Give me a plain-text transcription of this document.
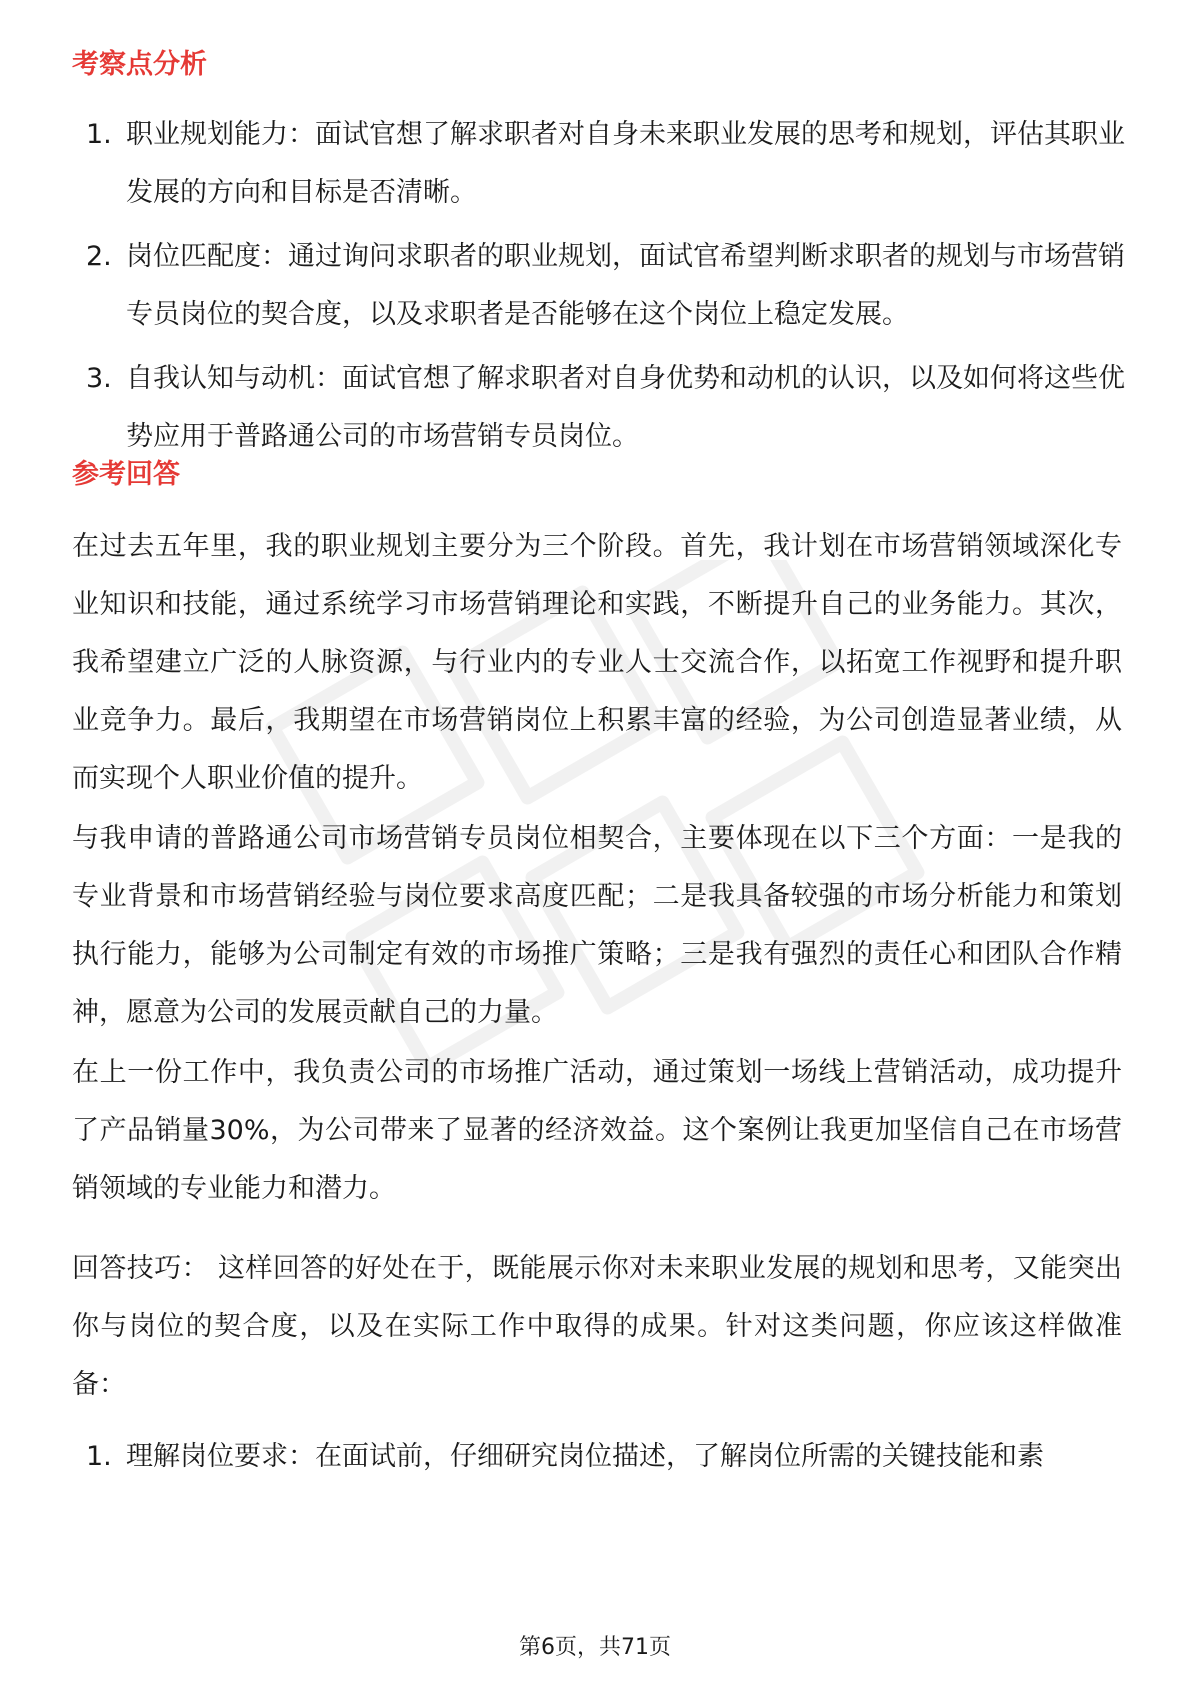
考察点分析
1. 职业规划能力：面试官想了解求职者对自身未来职业发展的思考和规划，评估其职业发展的方向和目标是否清晰。
2. 岗位匹配度：通过询问求职者的职业规划，面试官希望判断求职者的规划与市场营销专员岗位的契合度，以及求职者是否能够在这个岗位上稳定发展。
3. 自我认知与动机：面试官想了解求职者对自身优势和动机的认识，以及如何将这些优势应用于普路通公司的市场营销专员岗位。
参考回答

在过去五年里，我的职业规划主要分为三个阶段。首先，我计划在市场营销领域深化专业知识和技能，通过系统学习市场营销理论和实践，不断提升自己的业务能力。其次，我希望建立广泛的人脉资源，与行业内的专业人士交流合作，以拓宽工作视野和提升职业竞争力。最后，我期望在市场营销岗位上积累丰富的经验，为公司创造显著业绩，从而实现个人职业价值的提升。

与我申请的普路通公司市场营销专员岗位相契合，主要体现在以下三个方面：一是我的专业背景和市场营销经验与岗位要求高度匹配；二是我具备较强的市场分析能力和策划执行能力，能够为公司制定有效的市场推广策略；三是我有强烈的责任心和团队合作精神，愿意为公司的发展贡献自己的力量。

在上一份工作中，我负责公司的市场推广活动，通过策划一场线上营销活动，成功提升了产品销量30%，为公司带来了显著的经济效益。这个案例让我更加坚信自己在市场营销领域的专业能力和潜力。

回答技巧： 这样回答的好处在于，既能展示你对未来职业发展的规划和思考，又能突出你与岗位的契合度，以及在实际工作中取得的成果。针对这类问题，你应该这样做准备：

1. 理解岗位要求：在面试前，仔细研究岗位描述，了解岗位所需的关键技能和素
第6页，共71页
